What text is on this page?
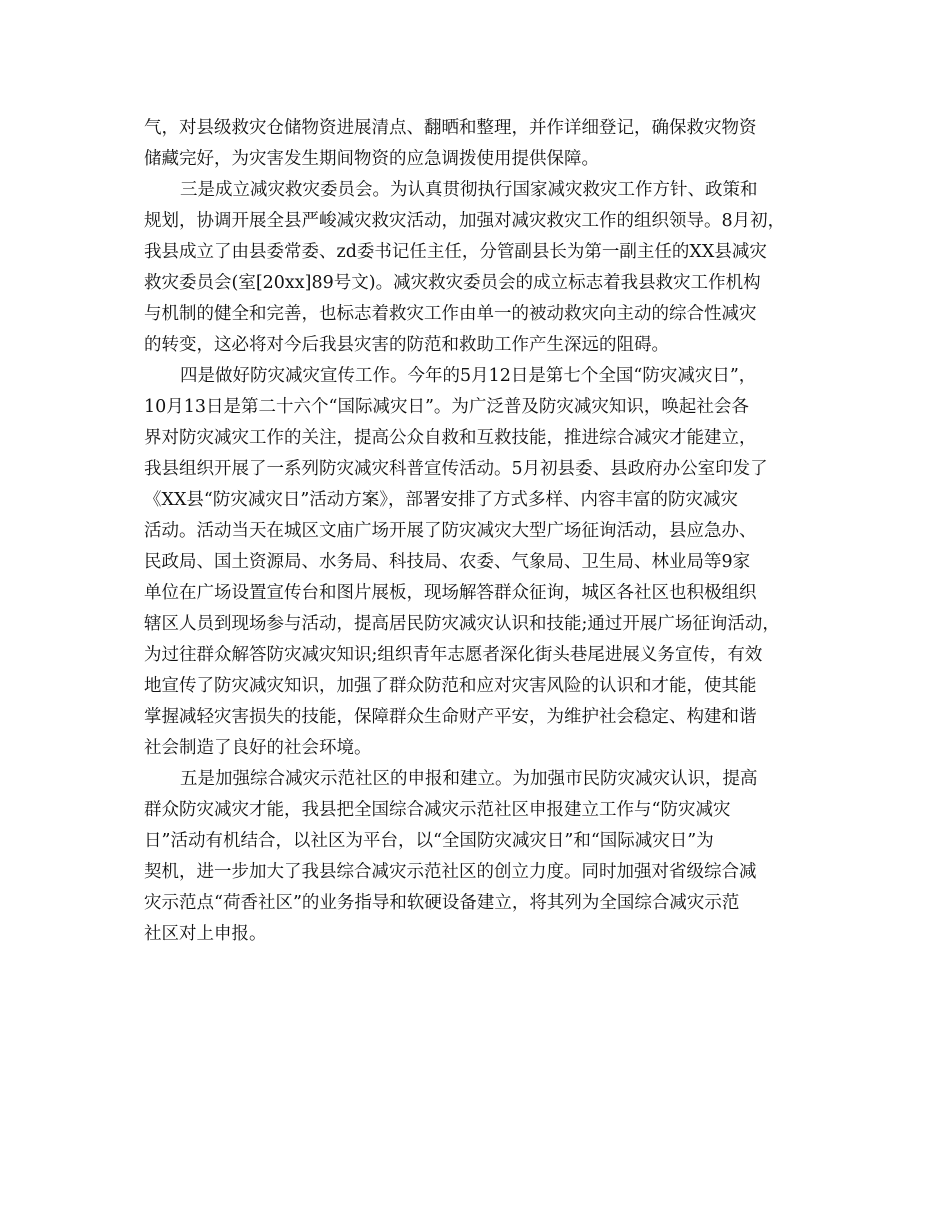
气，对县级救灾仓储物资进展清点、翻晒和整理，并作详细登记，确保救灾物资
储藏完好，为灾害发生期间物资的应急调拨使用提供保障。
三是成立减灾救灾委员会。为认真贯彻执行国家减灾救灾工作方针、政策和
规划，协调开展全县严峻减灾救灾活动，加强对减灾救灾工作的组织领导。8月初，
我县成立了由县委常委、zd委书记任主任，分管副县长为第一副主任的XX县减灾
救灾委员会(室[20xx]89号文)。减灾救灾委员会的成立标志着我县救灾工作机构
与机制的健全和完善，也标志着救灾工作由单一的被动救灾向主动的综合性减灾
的转变，这必将对今后我县灾害的防范和救助工作产生深远的阻碍。
四是做好防灾减灾宣传工作。今年的5月12日是第七个全国“防灾减灾日”，
10月13日是第二十六个“国际减灾日”。为广泛普及防灾减灾知识，唤起社会各
界对防灾减灾工作的关注，提高公众自救和互救技能，推进综合减灾才能建立，
我县组织开展了一系列防灾减灾科普宣传活动。5月初县委、县政府办公室印发了
《XX县“防灾减灾日”活动方案》，部署安排了方式多样、内容丰富的防灾减灾
活动。活动当天在城区文庙广场开展了防灾减灾大型广场征询活动，县应急办、
民政局、国土资源局、水务局、科技局、农委、气象局、卫生局、林业局等9家
单位在广场设置宣传台和图片展板，现场解答群众征询，城区各社区也积极组织
辖区人员到现场参与活动，提高居民防灾减灾认识和技能;通过开展广场征询活动，
为过往群众解答防灾减灾知识;组织青年志愿者深化街头巷尾进展义务宣传，有效
地宣传了防灾减灾知识，加强了群众防范和应对灾害风险的认识和才能，使其能
掌握减轻灾害损失的技能，保障群众生命财产平安，为维护社会稳定、构建和谐
社会制造了良好的社会环境。
五是加强综合减灾示范社区的申报和建立。为加强市民防灾减灾认识，提高
群众防灾减灾才能，我县把全国综合减灾示范社区申报建立工作与“防灾减灾
日”活动有机结合，以社区为平台，以“全国防灾减灾日”和“国际减灾日”为
契机，进一步加大了我县综合减灾示范社区的创立力度。同时加强对省级综合减
灾示范点“荷香社区”的业务指导和软硬设备建立，将其列为全国综合减灾示范
社区对上申报。
